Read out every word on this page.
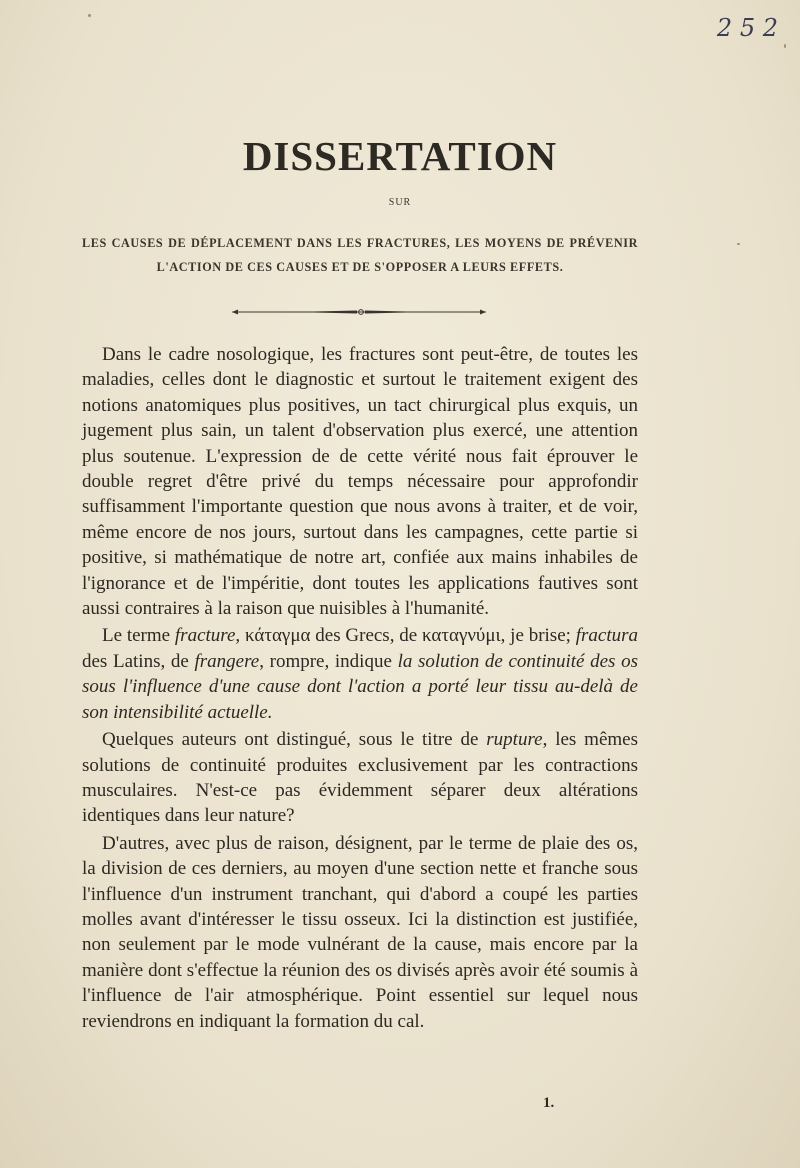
2 5 2
DISSERTATION
SUR
LES CAUSES DE DÉPLACEMENT DANS LES FRACTURES, LES MOYENS DE PRÉVENIR L'ACTION DE CES CAUSES ET DE S'OPPOSER A LEURS EFFETS.

Dans le cadre nosologique, les fractures sont peut-être, de toutes les maladies, celles dont le diagnostic et surtout le traitement exigent des notions anatomiques plus positives, un tact chirurgical plus exquis, un jugement plus sain, un talent d'observation plus exercé, une attention plus soutenue. L'expression de de cette vérité nous fait éprouver le double regret d'être privé du temps nécessaire pour approfondir suffisamment l'importante question que nous avons à traiter, et de voir, même encore de nos jours, surtout dans les campagnes, cette partie si positive, si mathématique de notre art, confiée aux mains inhabiles de l'ignorance et de l'impéritie, dont toutes les applications fautives sont aussi contraires à la raison que nuisibles à l'humanité.

Le terme fracture, κάταγμα des Grecs, de καταγνύμι, je brise; fractura des Latins, de frangere, rompre, indique la solution de continuité des os sous l'influence d'une cause dont l'action a porté leur tissu au-delà de son intensibilité actuelle.

Quelques auteurs ont distingué, sous le titre de rupture, les mêmes solutions de continuité produites exclusivement par les contractions musculaires. N'est-ce pas évidemment séparer deux altérations identiques dans leur nature?

D'autres, avec plus de raison, désignent, par le terme de plaie des os, la division de ces derniers, au moyen d'une section nette et franche sous l'influence d'un instrument tranchant, qui d'abord a coupé les parties molles avant d'intéresser le tissu osseux. Ici la distinction est justifiée, non seulement par le mode vulnérant de la cause, mais encore par la manière dont s'effectue la réunion des os divisés après avoir été soumis à l'influence de l'air atmosphérique. Point essentiel sur lequel nous reviendrons en indiquant la formation du cal.

1.
